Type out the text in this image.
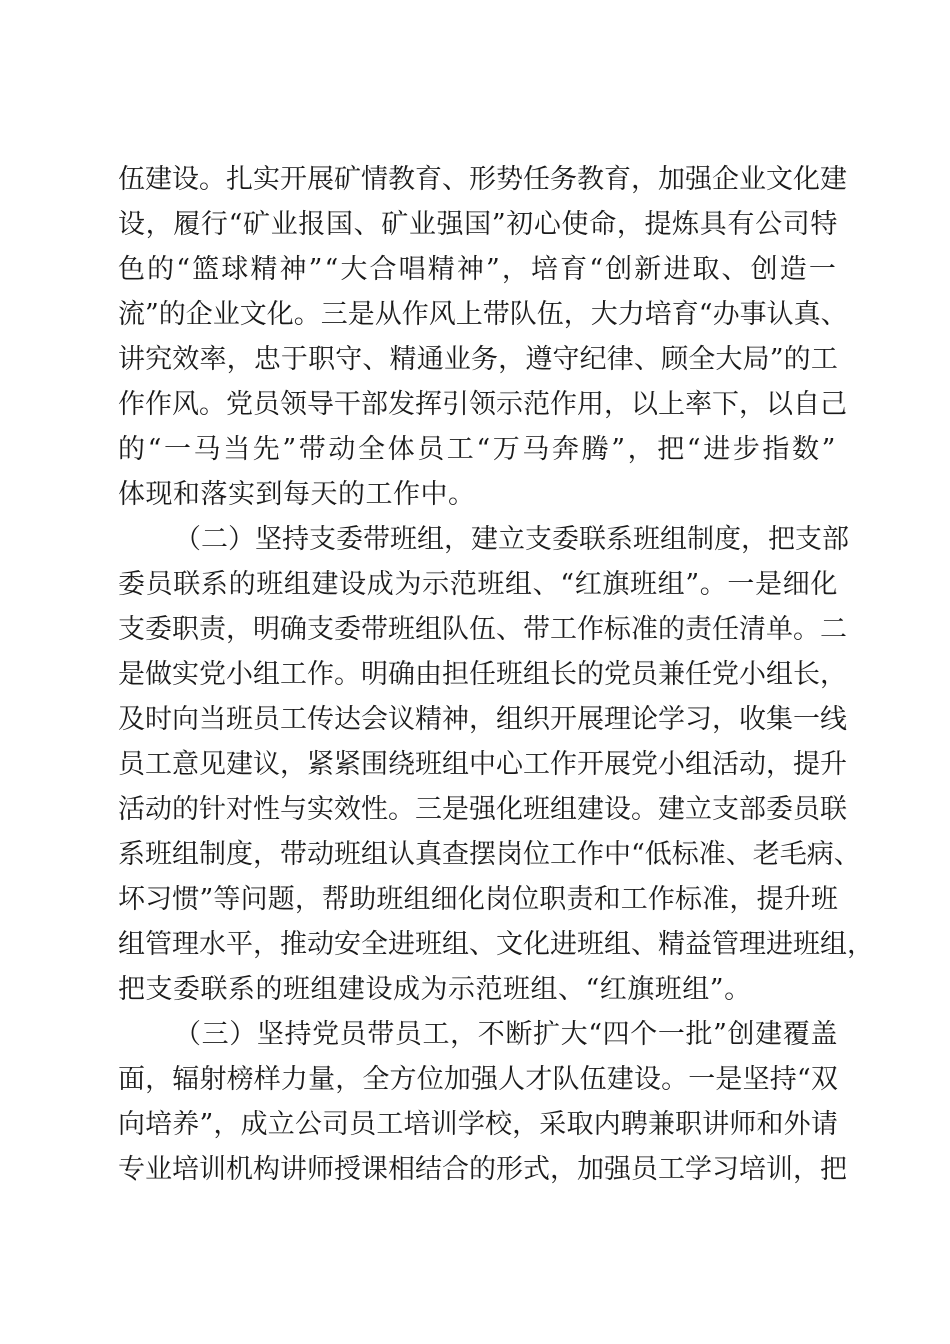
伍建设。扎实开展矿情教育、形势任务教育，加强企业文化建
设，履行“矿业报国、矿业强国”初心使命，提炼具有公司特
色的“篮球精神”“大合唱精神”，培育“创新进取、创造一
流”的企业文化。三是从作风上带队伍，大力培育“办事认真、
讲究效率，忠于职守、精通业务，遵守纪律、顾全大局”的工
作作风。党员领导干部发挥引领示范作用，以上率下，以自己
的“一马当先”带动全体员工“万马奔腾”，把“进步指数”
体现和落实到每天的工作中。
（二）坚持支委带班组，建立支委联系班组制度，把支部
委员联系的班组建设成为示范班组、“红旗班组”。一是细化
支委职责，明确支委带班组队伍、带工作标准的责任清单。二
是做实党小组工作。明确由担任班组长的党员兼任党小组长，
及时向当班员工传达会议精神，组织开展理论学习，收集一线
员工意见建议，紧紧围绕班组中心工作开展党小组活动，提升
活动的针对性与实效性。三是强化班组建设。建立支部委员联
系班组制度，带动班组认真查摆岗位工作中“低标准、老毛病、
坏习惯”等问题，帮助班组细化岗位职责和工作标准，提升班
组管理水平，推动安全进班组、文化进班组、精益管理进班组，
把支委联系的班组建设成为示范班组、“红旗班组”。
（三）坚持党员带员工，不断扩大“四个一批”创建覆盖
面，辐射榜样力量，全方位加强人才队伍建设。一是坚持“双
向培养”，成立公司员工培训学校，采取内聘兼职讲师和外请
专业培训机构讲师授课相结合的形式，加强员工学习培训，把
